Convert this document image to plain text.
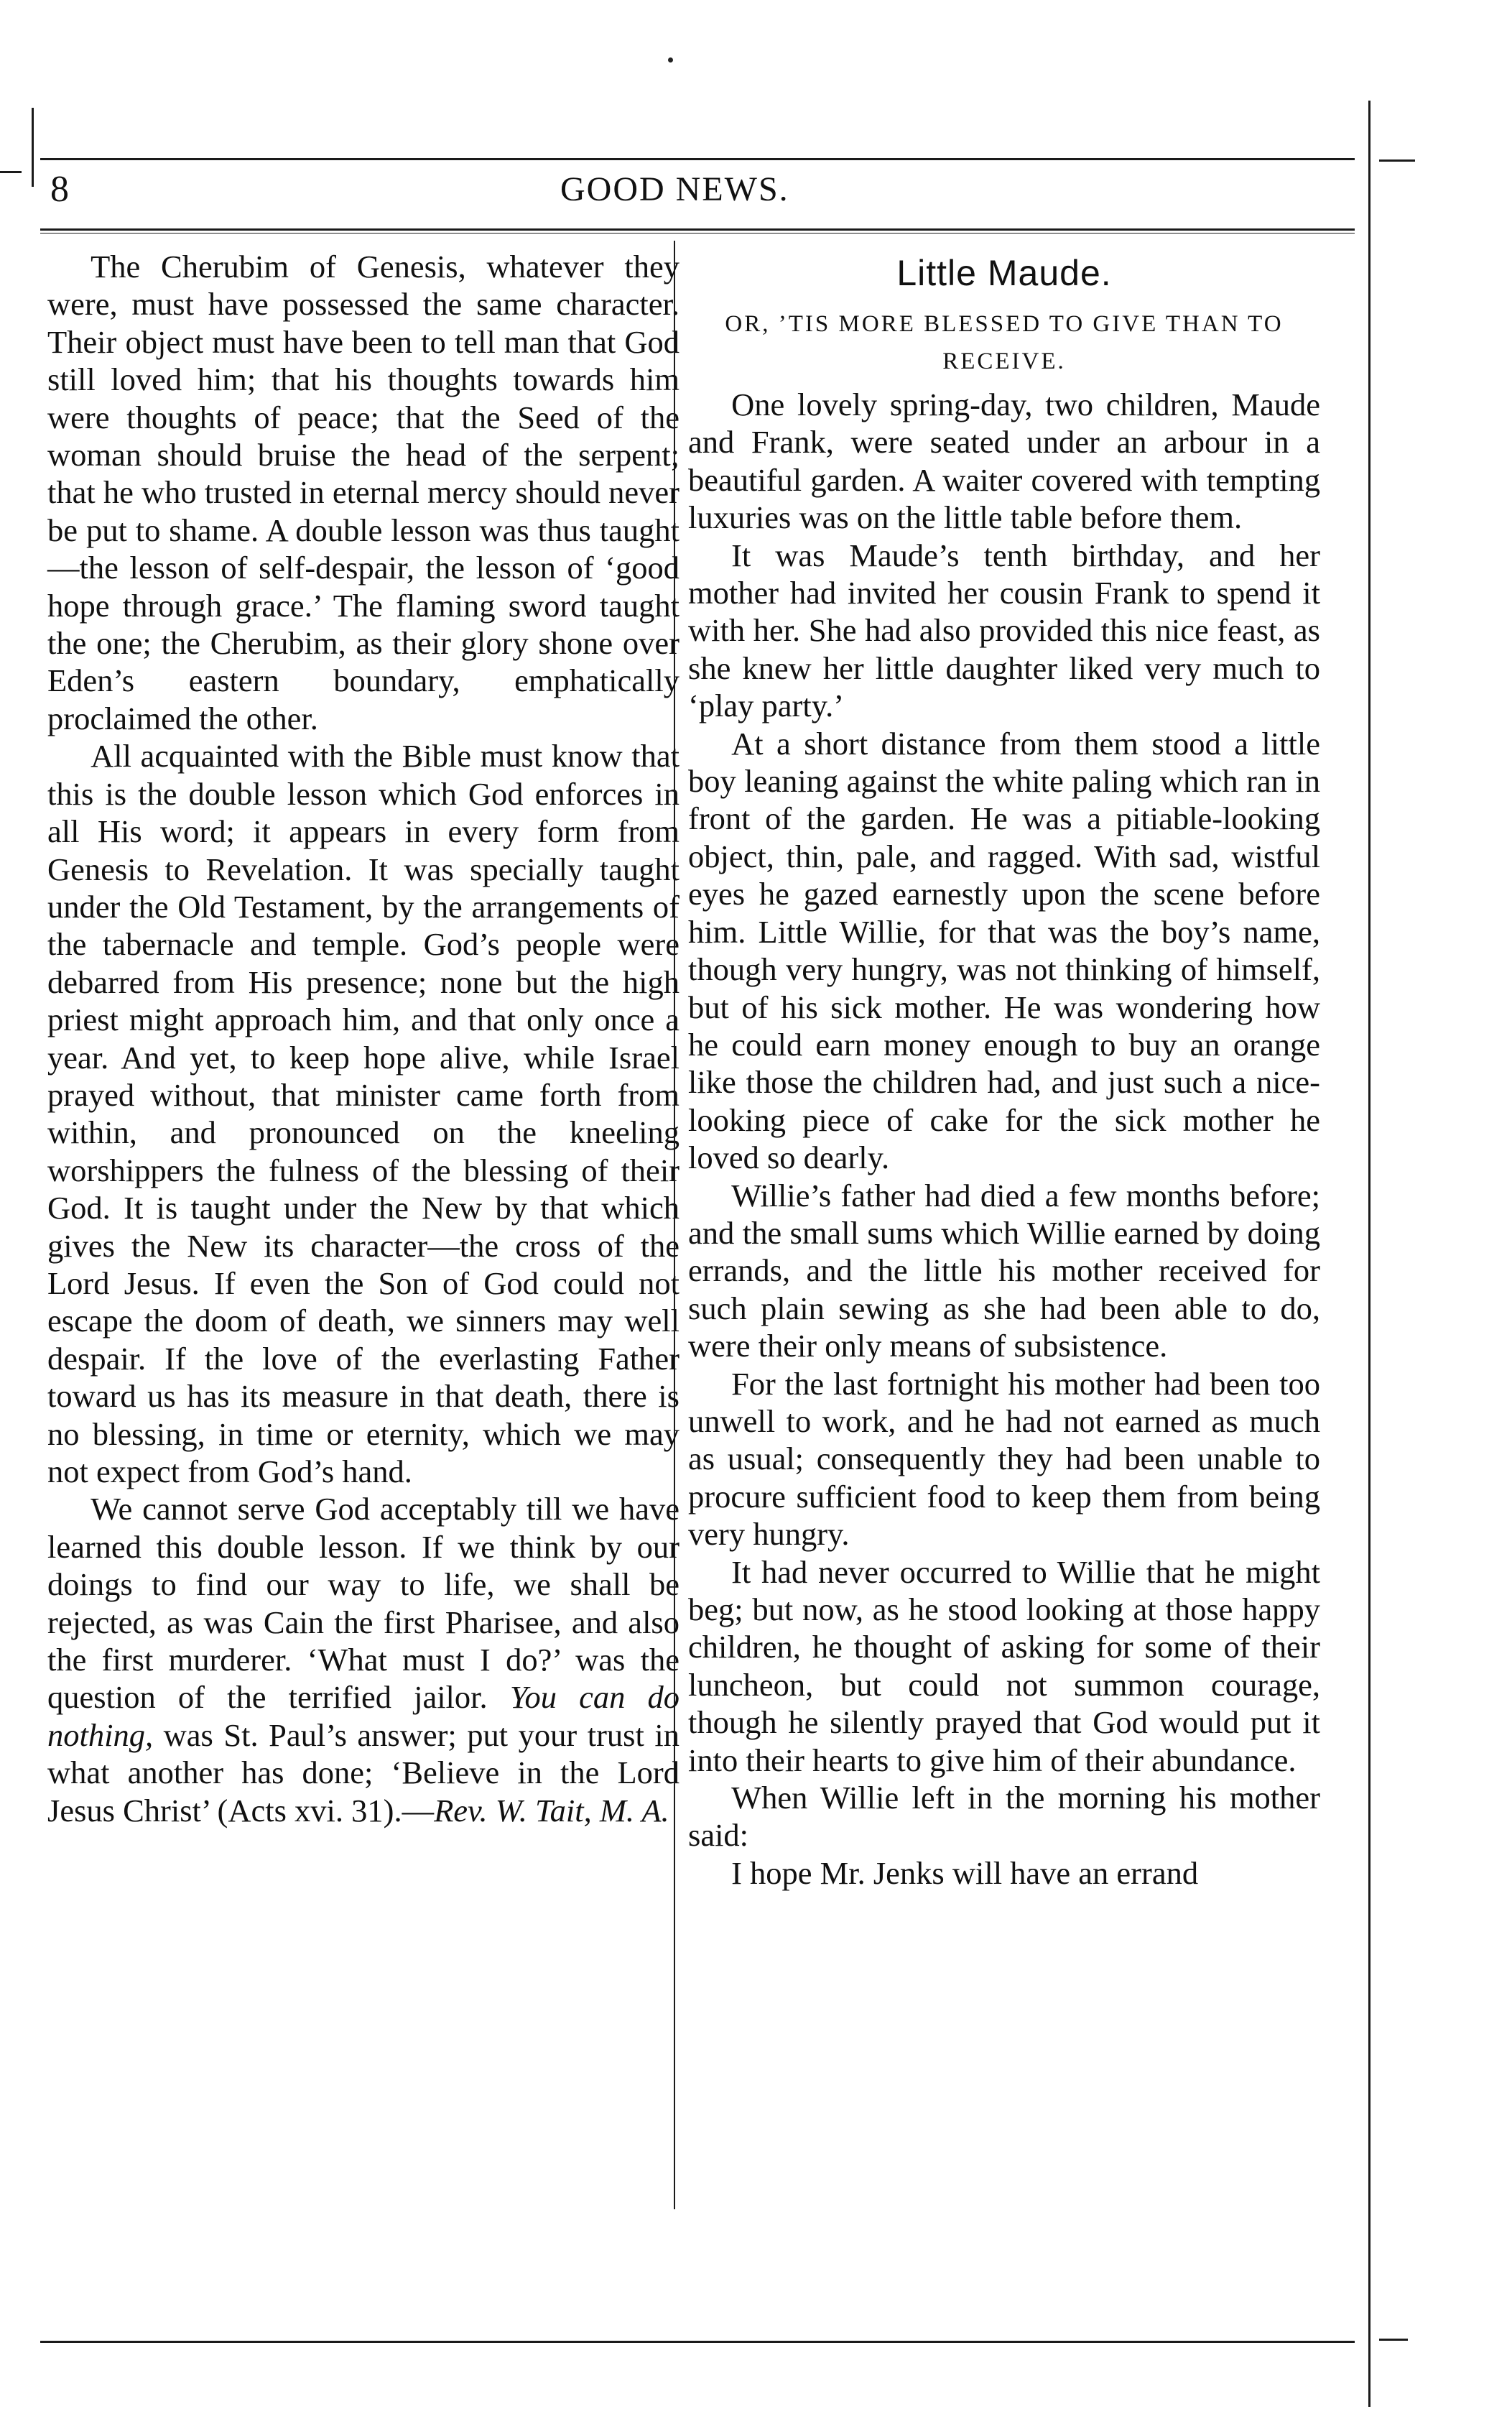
8	GOOD NEWS.

The Cherubim of Genesis, whatever they were, must have possessed the same character. Their object must have been to tell man that God still loved him; that his thoughts towards him were thoughts of peace; that the Seed of the woman should bruise the head of the serpent; that he who trusted in eternal mercy should never be put to shame. A double lesson was thus taught—the lesson of self-despair, the lesson of ‘good hope through grace.’ The flaming sword taught the one; the Cherubim, as their glory shone over Eden’s eastern boundary, emphatically proclaimed the other.

All acquainted with the Bible must know that this is the double lesson which God enforces in all His word; it appears in every form from Genesis to Revelation. It was specially taught under the Old Testament, by the arrangements of the tabernacle and temple. God’s people were debarred from His presence; none but the high priest might approach him, and that only once a year. And yet, to keep hope alive, while Israel prayed without, that minister came forth from within, and pronounced on the kneeling worshippers the fulness of the blessing of their God. It is taught under the New by that which gives the New its character—the cross of the Lord Jesus. If even the Son of God could not escape the doom of death, we sinners may well despair. If the love of the everlasting Father toward us has its measure in that death, there is no blessing, in time or eternity, which we may not expect from God’s hand.

We cannot serve God acceptably till we have learned this double lesson. If we think by our doings to find our way to life, we shall be rejected, as was Cain the first Pharisee, and also the first murderer. ‘What must I do?’ was the question of the terrified jailor. You can do nothing, was St. Paul’s answer; put your trust in what another has done; ‘Believe in the Lord Jesus Christ’ (Acts xvi. 31).—Rev. W. Tait, M. A.

Little Maude.
OR, ’TIS MORE BLESSED TO GIVE THAN TO
RECEIVE.

One lovely spring-day, two children, Maude and Frank, were seated under an arbour in a beautiful garden. A waiter covered with tempting luxuries was on the little table before them.

It was Maude’s tenth birthday, and her mother had invited her cousin Frank to spend it with her. She had also provided this nice feast, as she knew her little daughter liked very much to ‘play party.’

At a short distance from them stood a little boy leaning against the white paling which ran in front of the garden. He was a pitiable-looking object, thin, pale, and ragged. With sad, wistful eyes he gazed earnestly upon the scene before him. Little Willie, for that was the boy’s name, though very hungry, was not thinking of himself, but of his sick mother. He was wondering how he could earn money enough to buy an orange like those the children had, and just such a nice-looking piece of cake for the sick mother he loved so dearly.

Willie’s father had died a few months before; and the small sums which Willie earned by doing errands, and the little his mother received for such plain sewing as she had been able to do, were their only means of subsistence.

For the last fortnight his mother had been too unwell to work, and he had not earned as much as usual; consequently they had been unable to procure sufficient food to keep them from being very hungry.

It had never occurred to Willie that he might beg; but now, as he stood looking at those happy children, he thought of asking for some of their luncheon, but could not summon courage, though he silently prayed that God would put it into their hearts to give him of their abundance.

When Willie left in the morning his mother said:

I hope Mr. Jenks will have an errand
